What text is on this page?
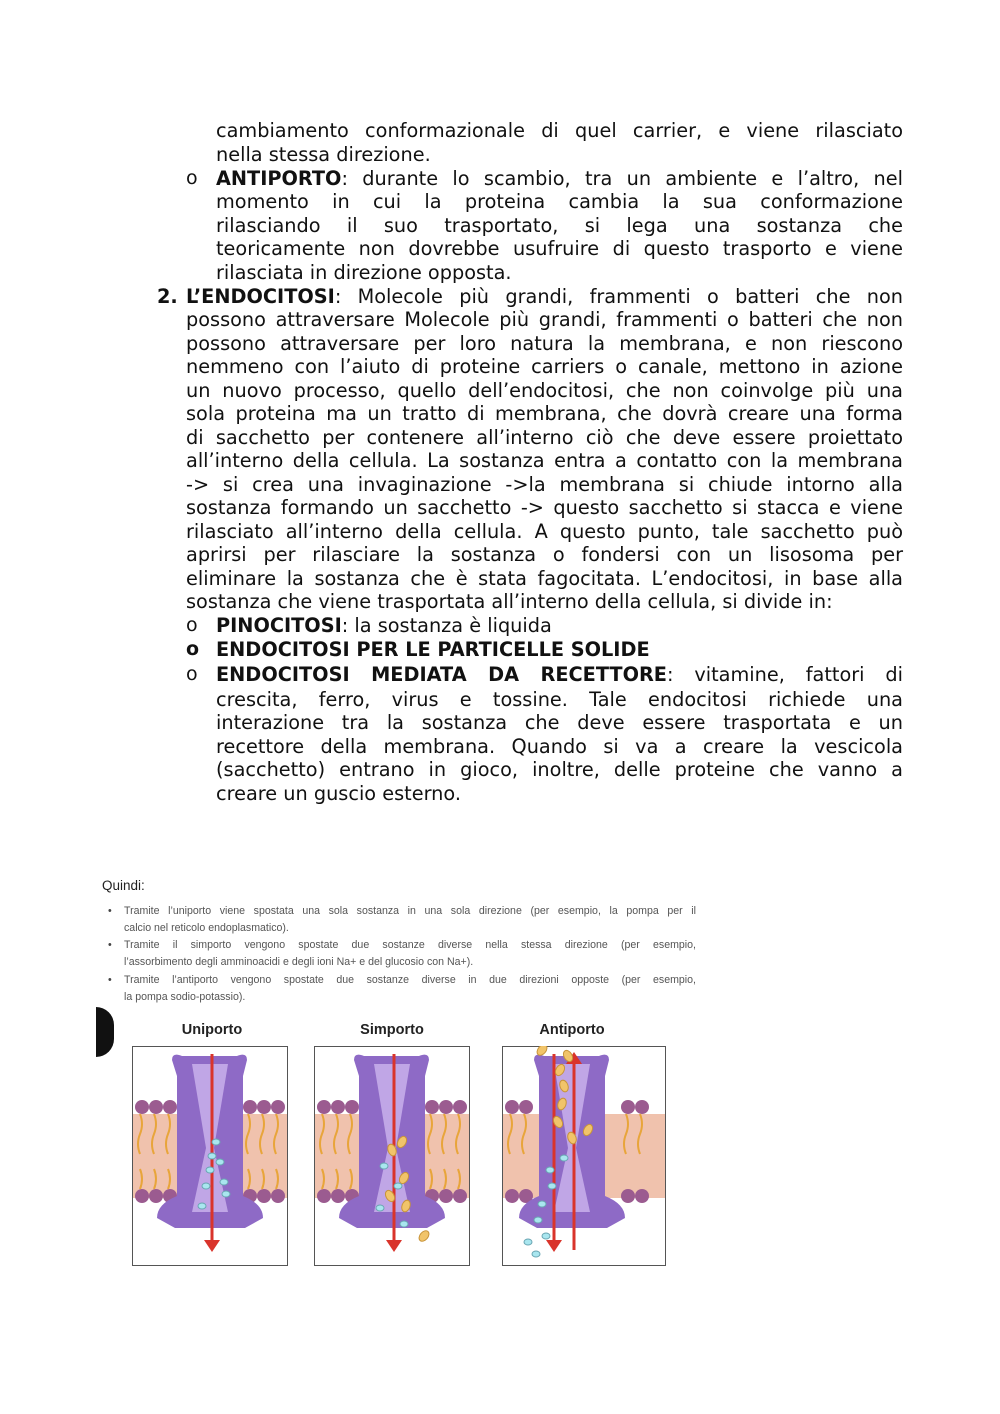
cambiamento conformazionale di quel carrier, e viene rilasciato
nella stessa direzione.
o ANTIPORTO: durante lo scambio, tra un ambiente e l’altro, nel
momento in cui la proteina cambia la sua conformazione
rilasciando il suo trasportato, si lega una sostanza che
teoricamente non dovrebbe usufruire di questo trasporto e viene
rilasciata in direzione opposta.
2. L’ENDOCITOSI: Molecole più grandi, frammenti o batteri che non
possono attraversare Molecole più grandi, frammenti o batteri che non
possono attraversare per loro natura la membrana, e non riescono
nemmeno con l’aiuto di proteine carriers o canale, mettono in azione
un nuovo processo, quello dell’endocitosi, che non coinvolge più una
sola proteina ma un tratto di membrana, che dovrà creare una forma
di sacchetto per contenere all’interno ciò che deve essere proiettato
all’interno della cellula. La sostanza entra a contatto con la membrana
-> si crea una invaginazione ->la membrana si chiude intorno alla
sostanza formando un sacchetto -> questo sacchetto si stacca e viene
rilasciato all’interno della cellula. A questo punto, tale sacchetto può
aprirsi per rilasciare la sostanza o fondersi con un lisosoma per
eliminare la sostanza che è stata fagocitata. L’endocitosi, in base alla
sostanza che viene trasportata all’interno della cellula, si divide in:
o PINOCITOSI: la sostanza è liquida
o ENDOCITOSI PER LE PARTICELLE SOLIDE
o ENDOCITOSI MEDIATA DA RECETTORE: vitamine, fattori di
crescita, ferro, virus e tossine. Tale endocitosi richiede una
interazione tra la sostanza che deve essere trasportata e un
recettore della membrana. Quando si va a creare la vescicola
(sacchetto) entrano in gioco, inoltre, delle proteine che vanno a
creare un guscio esterno.
Quindi:
• Tramite l’uniporto viene spostata una sola sostanza in una sola direzione (per esempio, la pompa per il
calcio nel reticolo endoplasmatico).
• Tramite il simporto vengono spostate due sostanze diverse nella stessa direzione (per esempio,
l’assorbimento degli amminoacidi e degli ioni Na+ e del glucosio con Na+).
• Tramite l’antiporto vengono spostate due sostanze diverse in due direzioni opposte (per esempio,
la pompa sodio-potassio).
Uniporto	Simporto	Antiporto
